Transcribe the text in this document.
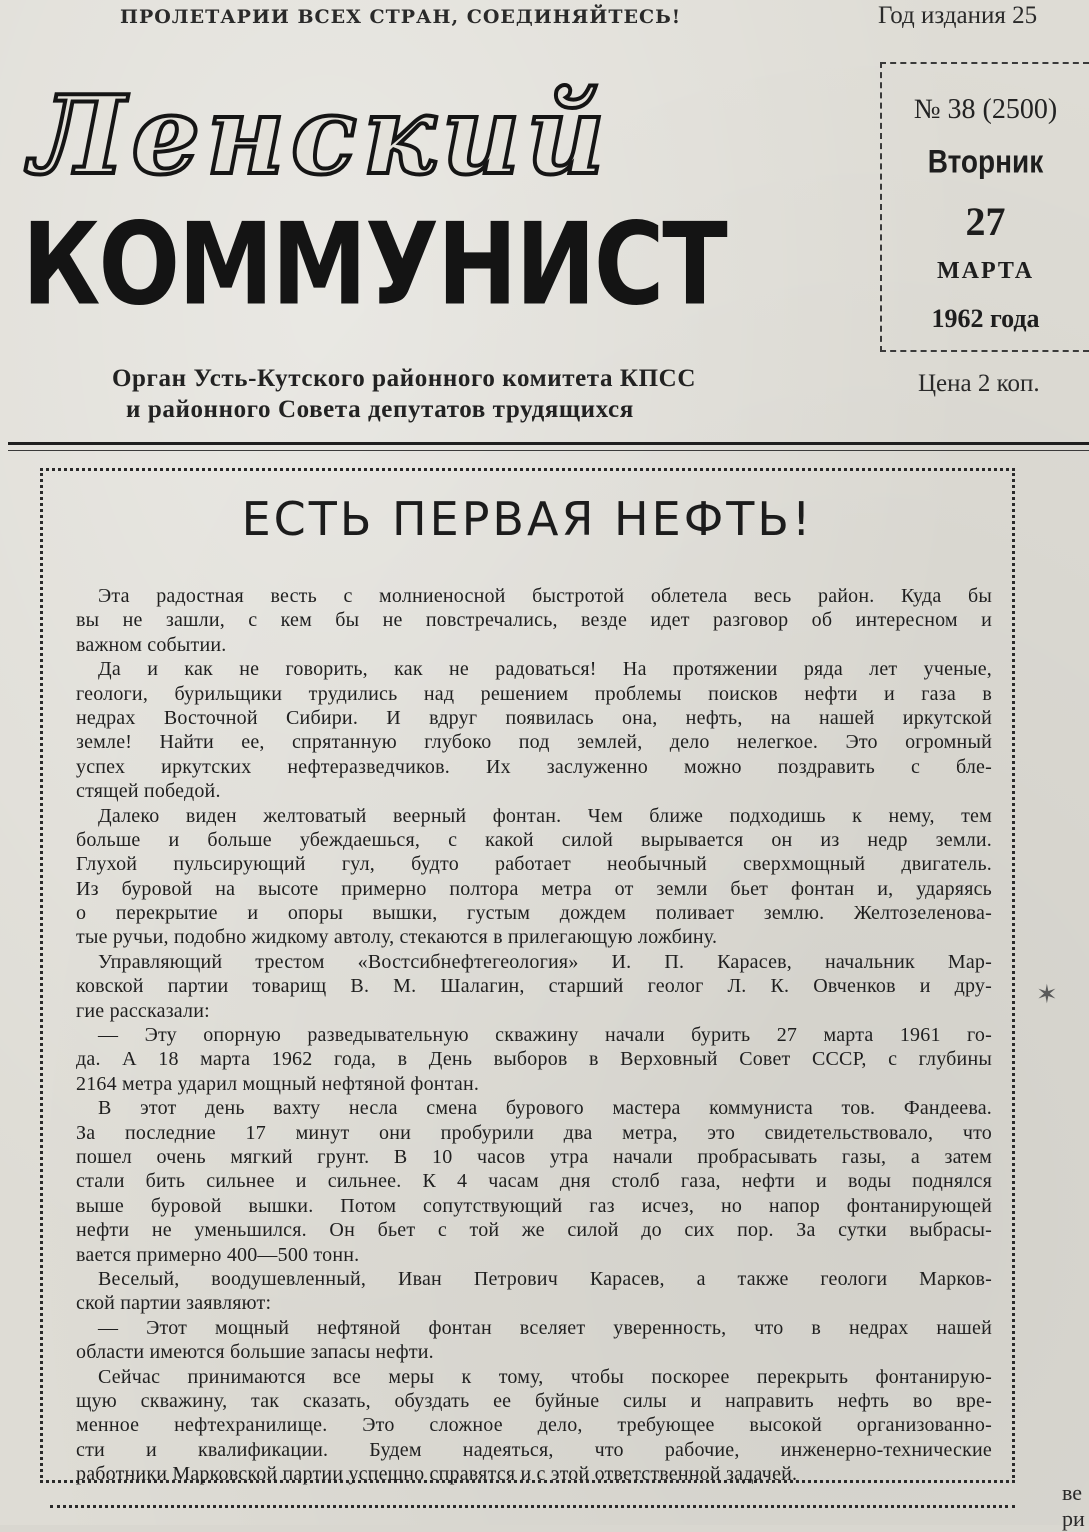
ПРОЛЕТАРИИ ВСЕХ СТРАН, СОЕДИНЯЙТЕСЬ!	Год издания 25
Ленский
КОММУНИСТ
№ 38 (2500)
Вторник
27
МАРТА
1962 года
Орган Усть-Кутского районного комитета КПСС
и районного Совета депутатов трудящихся
Цена 2 коп.
ЕСТЬ ПЕРВАЯ НЕФТЬ!
Эта радостная весть с молниеносной быстротой облетела весь район. Куда бы
вы не зашли, с кем бы не повстречались, везде идет разговор об интересном и
важном событии.
Да и как не говорить, как не радоваться! На протяжении ряда лет ученые,
геологи, бурильщики трудились над решением проблемы поисков нефти и газа в
недрах Восточной Сибири. И вдруг появилась она, нефть, на нашей иркутской
земле! Найти ее, спрятанную глубоко под землей, дело нелегкое. Это огромный
успех иркутских нефтеразведчиков. Их заслуженно можно поздравить с бле-
стящей победой.
Далеко виден желтоватый веерный фонтан. Чем ближе подходишь к нему, тем
больше и больше убеждаешься, с какой силой вырывается он из недр земли.
Глухой пульсирующий гул, будто работает необычный сверхмощный двигатель.
Из буровой на высоте примерно полтора метра от земли бьет фонтан и, ударяясь
о перекрытие и опоры вышки, густым дождем поливает землю. Желтозеленова-
тые ручьи, подобно жидкому автолу, стекаются в прилегающую ложбину.
Управляющий трестом «Востсибнефтегеология» И. П. Карасев, начальник Мар-
ковской партии товарищ В. М. Шалагин, старший геолог Л. К. Овченков и дру-
гие рассказали:
— Эту опорную разведывательную скважину начали бурить 27 марта 1961 го-
да. А 18 марта 1962 года, в День выборов в Верховный Совет СССР, с глубины
2164 метра ударил мощный нефтяной фонтан.
В этот день вахту несла смена бурового мастера коммуниста тов. Фандеева.
За последние 17 минут они пробурили два метра, это свидетельствовало, что
пошел очень мягкий грунт. В 10 часов утра начали пробрасывать газы, а затем
стали бить сильнее и сильнее. К 4 часам дня столб газа, нефти и воды поднялся
выше буровой вышки. Потом сопутствующий газ исчез, но напор фонтанирующей
нефти не уменьшился. Он бьет с той же силой до сих пор. За сутки выбрасы-
вается примерно 400—500 тонн.
Веселый, воодушевленный, Иван Петрович Карасев, а также геологи Марков-
ской партии заявляют:
— Этот мощный нефтяной фонтан вселяет уверенность, что в недрах нашей
области имеются большие запасы нефти.
Сейчас принимаются все меры к тому, чтобы поскорее перекрыть фонтанирую-
щую скважину, так сказать, обуздать ее буйные силы и направить нефть во вре-
менное нефтехранилище. Это сложное дело, требующее высокой организованно-
сти и квалификации. Будем надеяться, что рабочие, инженерно-технические
работники Марковской партии успешно справятся и с этой ответственной задачей.
ве
ри
✶
